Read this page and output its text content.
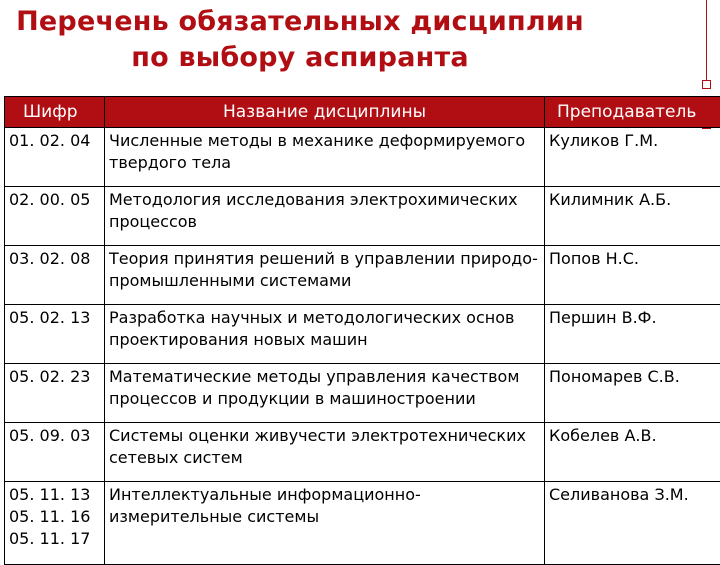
Перечень обязательных дисциплин
по выбору аспиранта
Шифр	Название дисциплины	Преподаватель

01. 02. 04	Численные методы в механике деформируемого твердого тела	Куликов Г.М.

02. 00. 05	Методология исследования электрохимических процессов	Килимник А.Б.

03. 02. 08	Теория принятия решений в управлении природо-промышленными системами	Попов Н.С.

05. 02. 13	Разработка научных и методологических основ проектирования новых машин	Першин В.Ф.

05. 02. 23	Математические методы управления качеством процессов и продукции в машиностроении	Пономарев С.В.

05. 09. 03	Системы оценки живучести электротехнических сетевых систем	Кобелев А.В.

05. 11. 13
05. 11. 16
05. 11. 17	Интеллектуальные информационно-измерительные системы	Селиванова З.М.
